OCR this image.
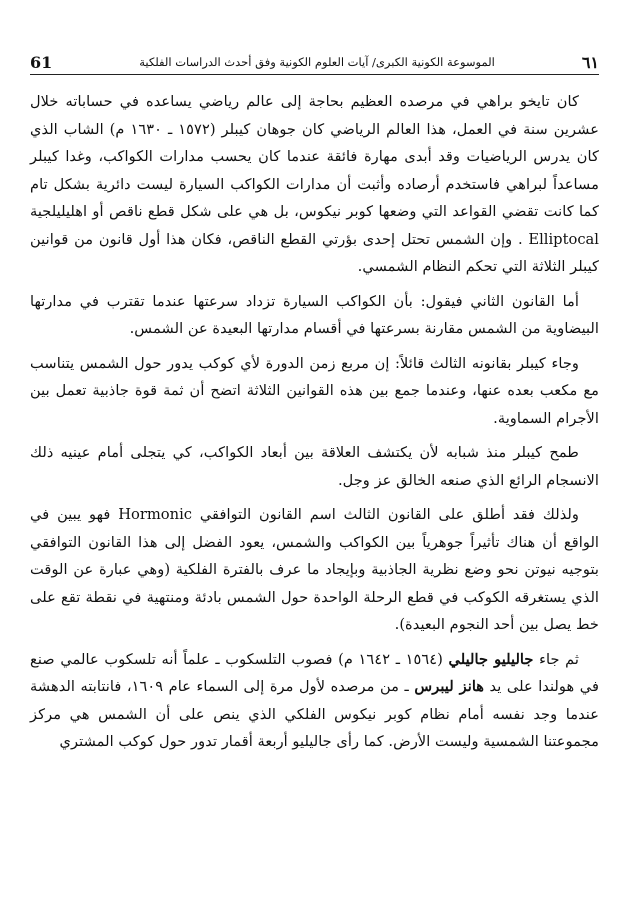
61	الموسوعة الكونية الكبرى/ آيات العلوم الكونية وفق أحدث الدراسات الفلكية	٦١

كان تايخو براهي في مرصده العظيم بحاجة إلى عالم رياضي يساعده في حساباته خلال عشرين سنة في العمل، هذا العالم الرياضي كان جوهان كيبلر (١٥٧٢ ـ ١٦٣٠ م) الشاب الذي كان يدرس الرياضيات وقد أبدى مهارة فائقة عندما كان يحسب مدارات الكواكب، وغدا كيبلر مساعداً لبراهي فاستخدم أرصاده وأثبت أن مدارات الكواكب السيارة ليست دائرية بشكل تام كما كانت تقضي القواعد التي وضعها كوبر نيكوس، بل هي على شكل قطع ناقص أو اهليليلجية Elliptocal . وإن الشمس تحتل إحدى بؤرتي القطع الناقص، فكان هذا أول قانون من قوانين كيبلر الثلاثة التي تحكم النظام الشمسي.

أما القانون الثاني فيقول: بأن الكواكب السيارة تزداد سرعتها عندما تقترب في مدارتها البيضاوية من الشمس مقارنة بسرعتها في أقسام مدارتها البعيدة عن الشمس.

وجاء كيبلر بقانونه الثالث قائلاً: إن مربع زمن الدورة لأي كوكب يدور حول الشمس يتناسب مع مكعب بعده عنها، وعندما جمع بين هذه القوانين الثلاثة اتضح أن ثمة قوة جاذبية تعمل بين الأجرام السماوية.

طمح كيبلر منذ شبابه لأن يكتشف العلاقة بين أبعاد الكواكب، كي يتجلى أمام عينيه ذلك الانسجام الرائع الذي صنعه الخالق عز وجل.

ولذلك فقد أطلق على القانون الثالث اسم القانون التوافقي Hormonic فهو يبين في الواقع أن هناك تأثيراً جوهرياً بين الكواكب والشمس، يعود الفضل إلى هذا القانون التوافقي بتوجيه نيوتن نحو وضع نظرية الجاذبية وبإيجاد ما عرف بالفترة الفلكية (وهي عبارة عن الوقت الذي يستغرقه الكوكب في قطع الرحلة الواحدة حول الشمس بادئة ومنتهية في نقطة تقع على خط يصل بين أحد النجوم البعيدة).

ثم جاء جاليليو جاليلي (١٥٦٤ ـ ١٦٤٢ م) فصوب التلسكوب ـ علماً أنه تلسكوب عالمي صنع في هولندا على يد هانز ليبرس ـ من مرصده لأول مرة إلى السماء عام ١٦٠٩، فانتابته الدهشة عندما وجد نفسه أمام نظام كوبر نيكوس الفلكي الذي ينص على أن الشمس هي مركز مجموعتنا الشمسية وليست الأرض. كما رأى جاليليو أربعة أقمار تدور حول كوكب المشتري
